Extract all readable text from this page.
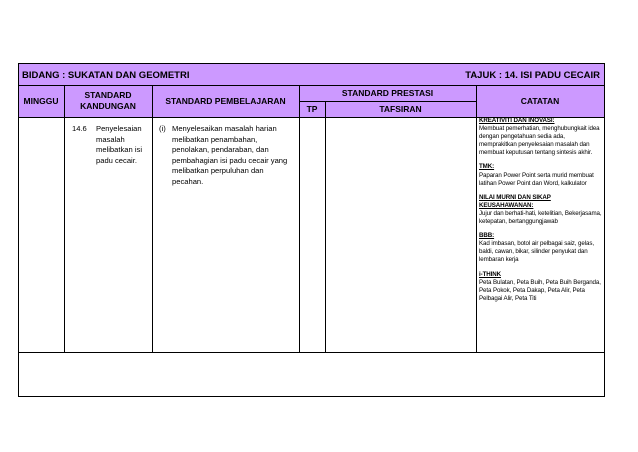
BIDANG : SUKATAN DAN GEOMETRI	TAJUK : 14. ISI PADU CECAIR
MINGGU
STANDARD KANDUNGAN
STANDARD PEMBELAJARAN
STANDARD PRESTASI
TP	TAFSIRAN
CATATAN
14.6 Penyelesaian masalah melibatkan isi padu cecair.
(i) Menyelesaikan masalah harian melibatkan penambahan, penolakan, pendaraban, dan pembahagian isi padu cecair yang melibatkan perpuluhan dan pecahan.
KREATIVITI DAN INOVASI:
Membuat pemerhatian, menghubungkait idea dengan pengetahuan sedia ada, memprakitkan penyelesaian masalah dan membuat keputusan tentang sintesis akhir.
TMK:
Paparan Power Point serta murid membuat latihan Power Point dan Word, kalkulator
NILAI MURNI DAN SIKAP KEUSAHAWANAN:
Jujur dan berhati-hati, ketelitian, Bekerjasama, ketepatan, bertanggungjawab
BBB:
Kad imbasan, botol air pelbagai saiz, gelas, baldi, cawan, bikar, silinder penyukat dan lembaran kerja
i-THINK
Peta Bulatan, Peta Buih, Peta Buih Berganda, Peta Pokok, Peta Dakap, Peta Alir, Peta Pelbagai Alir, Peta Titi
